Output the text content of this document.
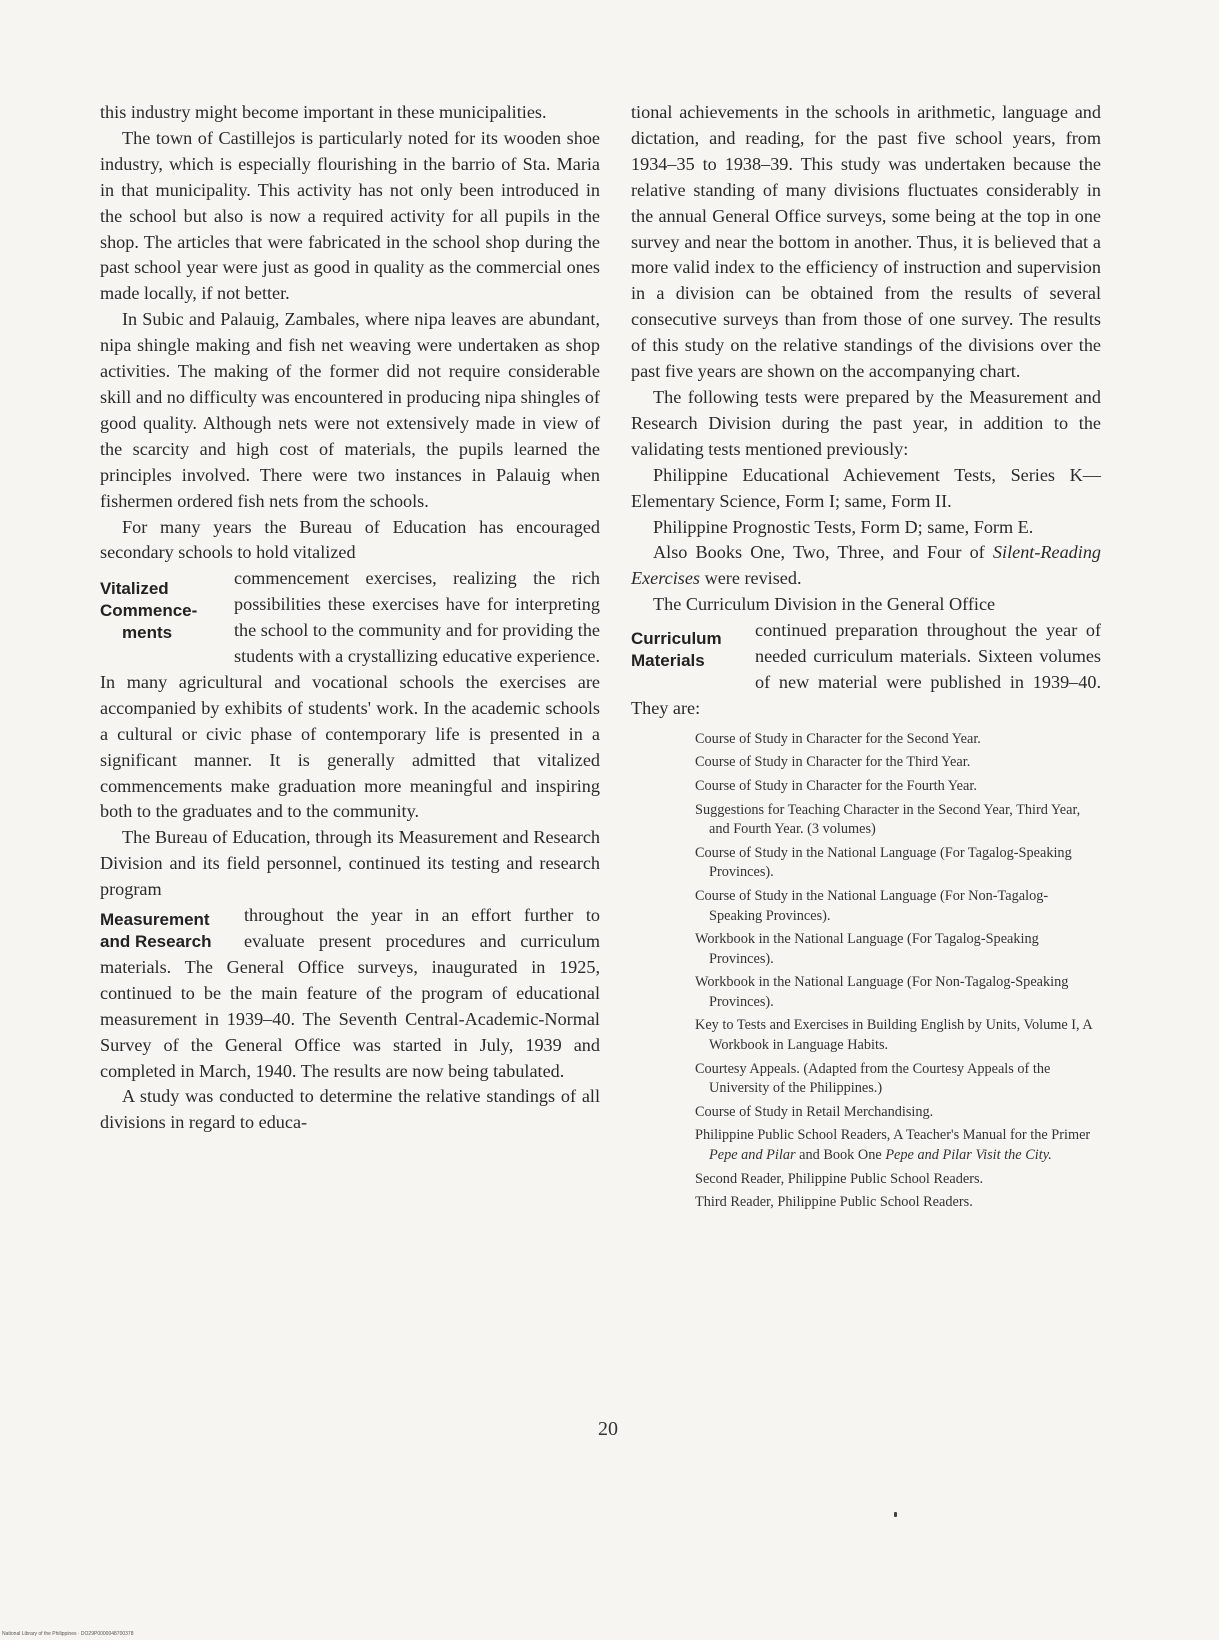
this industry might become important in these municipalities.

The town of Castillejos is particularly noted for its wooden shoe industry, which is especially flourishing in the barrio of Sta. Maria in that municipality. This activity has not only been introduced in the school but also is now a required activity for all pupils in the shop. The articles that were fabricated in the school shop during the past school year were just as good in quality as the commercial ones made locally, if not better.

In Subic and Palauig, Zambales, where nipa leaves are abundant, nipa shingle making and fish net weaving were undertaken as shop activities. The making of the former did not require considerable skill and no difficulty was encountered in producing nipa shingles of good quality. Although nets were not extensively made in view of the scarcity and high cost of materials, the pupils learned the principles involved. There were two instances in Palauig when fishermen ordered fish nets from the schools.

For many years the Bureau of Education has encouraged secondary schools to hold vitalized

Vitalized
Commence-
ments
commencement exercises, realizing the rich possibilities these exercises have for interpreting the school to the community and for providing the students with a crystallizing educative experience. In many agricultural and vocational schools the exercises are accompanied by exhibits of students' work. In the academic schools a cultural or civic phase of contemporary life is presented in a significant manner. It is generally admitted that vitalized commencements make graduation more meaningful and inspiring both to the graduates and to the community.

The Bureau of Education, through its Measurement and Research Division and its field personnel, continued its testing and research program

Measurement
and Research
throughout the year in an effort further to evaluate present procedures and curriculum materials. The General Office surveys, inaugurated in 1925, continued to be the main feature of the program of educational measurement in 1939–40. The Seventh Central-Academic-Normal Survey of the General Office was started in July, 1939 and completed in March, 1940. The results are now being tabulated.

A study was conducted to determine the relative standings of all divisions in regard to educa-

tional achievements in the schools in arithmetic, language and dictation, and reading, for the past five school years, from 1934–35 to 1938–39. This study was undertaken because the relative standing of many divisions fluctuates considerably in the annual General Office surveys, some being at the top in one survey and near the bottom in another. Thus, it is believed that a more valid index to the efficiency of instruction and supervision in a division can be obtained from the results of several consecutive surveys than from those of one survey. The results of this study on the relative standings of the divisions over the past five years are shown on the accompanying chart.

The following tests were prepared by the Measurement and Research Division during the past year, in addition to the validating tests mentioned previously:

Philippine Educational Achievement Tests, Series K—Elementary Science, Form I; same, Form II.

Philippine Prognostic Tests, Form D; same, Form E.

Also Books One, Two, Three, and Four of Silent-Reading Exercises were revised.

The Curriculum Division in the General Office

Curriculum
Materials
continued preparation throughout the year of needed curriculum materials. Sixteen volumes of new material were published in 1939–40. They are:
Course of Study in Character for the Second Year.
Course of Study in Character for the Third Year.
Course of Study in Character for the Fourth Year.
Suggestions for Teaching Character in the Second Year, Third Year, and Fourth Year. (3 volumes)
Course of Study in the National Language (For Tagalog-Speaking Provinces).
Course of Study in the National Language (For Non-Tagalog-Speaking Provinces).
Workbook in the National Language (For Tagalog-Speaking Provinces).
Workbook in the National Language (For Non-Tagalog-Speaking Provinces).
Key to Tests and Exercises in Building English by Units, Volume I, A Workbook in Language Habits.
Courtesy Appeals. (Adapted from the Courtesy Appeals of the University of the Philippines.)
Course of Study in Retail Merchandising.
Philippine Public School Readers, A Teacher's Manual for the Primer Pepe and Pilar and Book One Pepe and Pilar Visit the City.
Second Reader, Philippine Public School Readers.
Third Reader, Philippine Public School Readers.
20
National Library of the Philippines · DO29P0000048700378
